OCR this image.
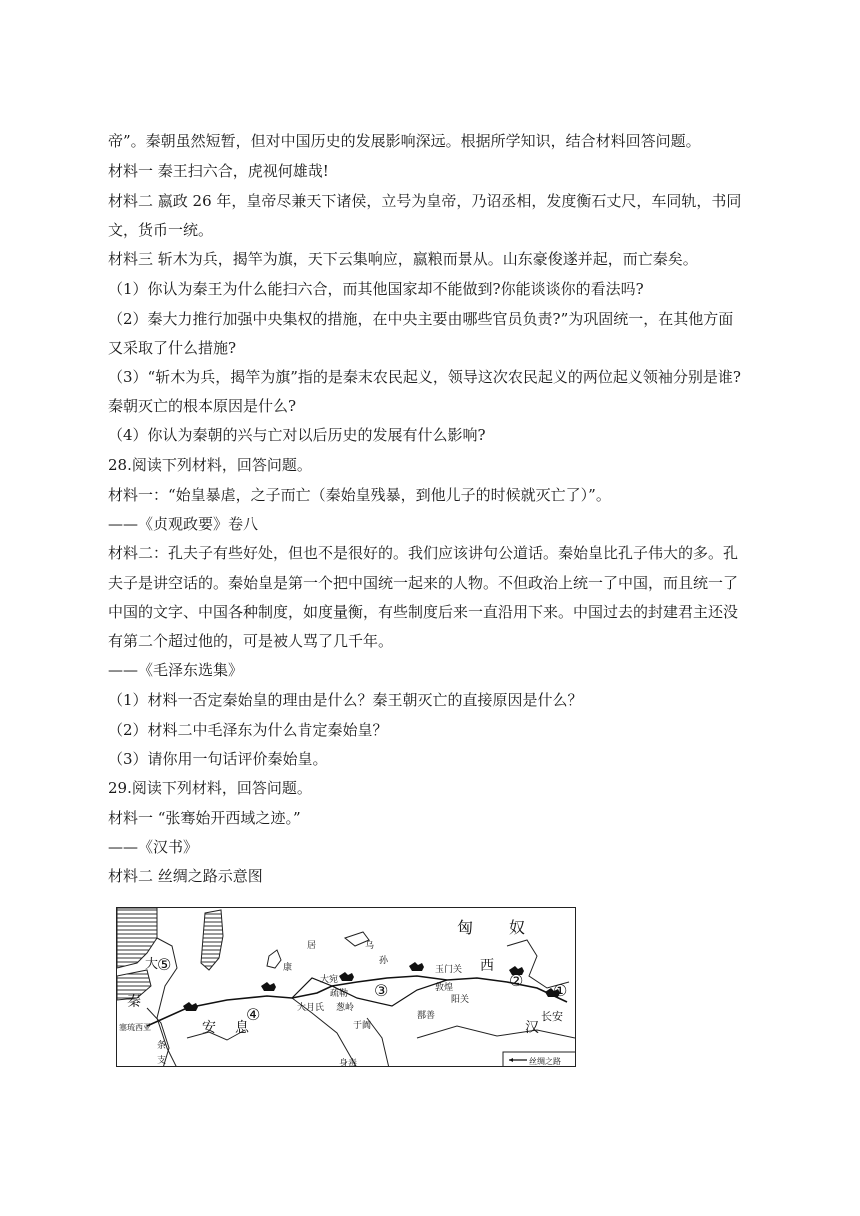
帝”。秦朝虽然短暂，但对中国历史的发展影响深远。根据所学知识，结合材料回答问题。
材料一 秦王扫六合，虎视何雄哉!
材料二 嬴政 26 年，皇帝尽兼天下诸侯，立号为皇帝，乃诏丞相，发度衡石丈尺，车同轨，书同
文，货币一统。
材料三 斩木为兵，揭竿为旗，天下云集响应，嬴粮而景从。山东豪俊遂并起，而亡秦矣。
（1）你认为秦王为什么能扫六合，而其他国家却不能做到?你能谈谈你的看法吗?
（2）秦大力推行加强中央集权的措施，在中央主要由哪些官员负责?”为巩固统一，在其他方面
又采取了什么措施?
（3）“斩木为兵，揭竿为旗”指的是秦末农民起义，领导这次农民起义的两位起义领袖分别是谁?
秦朝灭亡的根本原因是什么?
（4）你认为秦朝的兴与亡对以后历史的发展有什么影响?
28.阅读下列材料，回答问题。
材料一：“始皇暴虐，之子而亡（秦始皇残暴，到他儿子的时候就灭亡了）”。
——《贞观政要》卷八
材料二：孔夫子有些好处，但也不是很好的。我们应该讲句公道话。秦始皇比孔子伟大的多。孔
夫子是讲空话的。秦始皇是第一个把中国统一起来的人物。不但政治上统一了中国，而且统一了
中国的文字、中国各种制度，如度量衡，有些制度后来一直沿用下来。中国过去的封建君主还没
有第二个超过他的，可是被人骂了几千年。
——《毛泽东选集》
（1）材料一否定秦始皇的理由是什么？秦王朝灭亡的直接原因是什么？
（2）材料二中毛泽东为什么肯定秦始皇？
（3）请你用一句话评价秦始皇。
29.阅读下列材料，回答问题。
材料一 “张骞始开西域之迹。”
——《汉书》
材料二 丝绸之路示意图
匈 奴
大
秦
康
居
大宛
乌
孙
玉门关 西
疏勒
敦煌
阳关
鄯善
大月氏 葱岭
于阗
安 息	汉
长安
塞琉西亚
条
支	身毒	丝绸之路
①
②
③
④
⑤
